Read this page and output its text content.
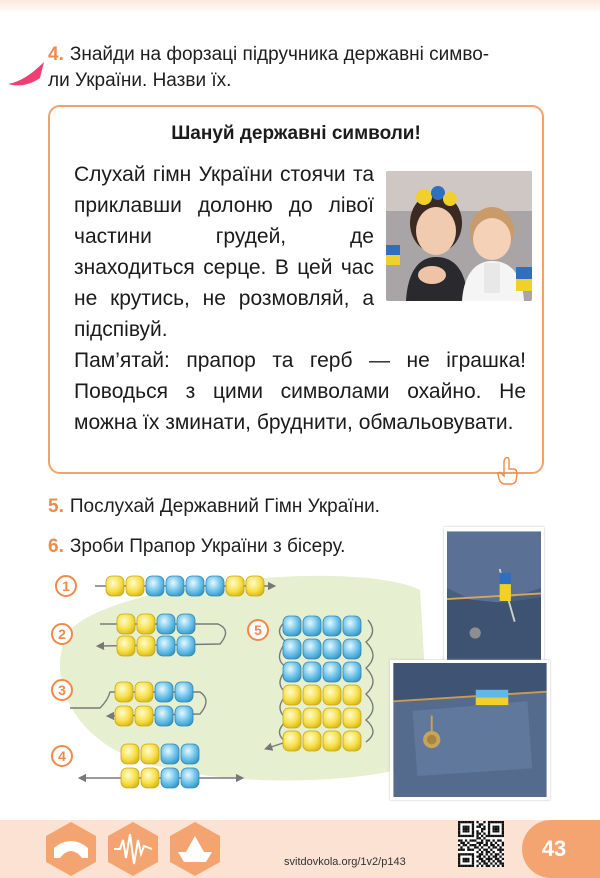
4. Знайди на форзаці підручника державні симво-
ли України. Назви їх.
Шануй державні символи!
Слухай гімн України стоячи та приклавши долоню до лівої частини грудей, де знаходиться серце. В цей час не крутись, не розмовляй, а підспівуй.
Пам’ятай: прапор та герб — не іграшка! Поводься з цими символами охайно. Не можна їх зминати, бруднити, обмальовувати.
5. Послухай Державний Гімн України.
6. Зроби Прапор України з бісеру.
1
2
3
4
5
svitdovkola.org/1v2/p143
43
